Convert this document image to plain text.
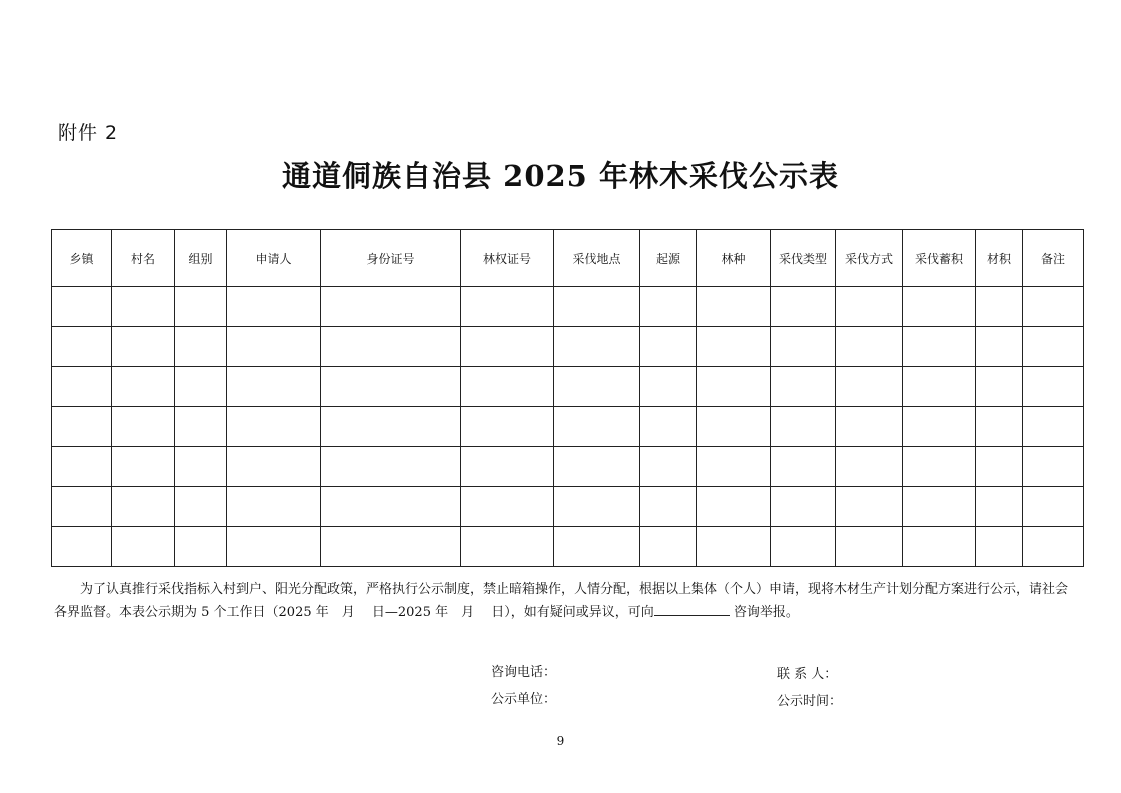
附件 2
通道侗族自治县 2025 年林木采伐公示表
乡镇	村名	组别	申请人	身份证号	林权证号	采伐地点	起源	林种	采伐类型	采伐方式	采伐蓄积	材积	备注

为了认真推行采伐指标入村到户、阳光分配政策，严格执行公示制度，禁止暗箱操作，人情分配，根据以上集体（个人）申请，现将木材生产计划分配方案进行公示，请社会各界监督。本表公示期为 5 个工作日（2025 年　月　 日—2025 年　月　 日），如有疑问或异议，可向	咨询举报。
咨询电话：	联 系 人：
公示单位：	公示时间：
9
